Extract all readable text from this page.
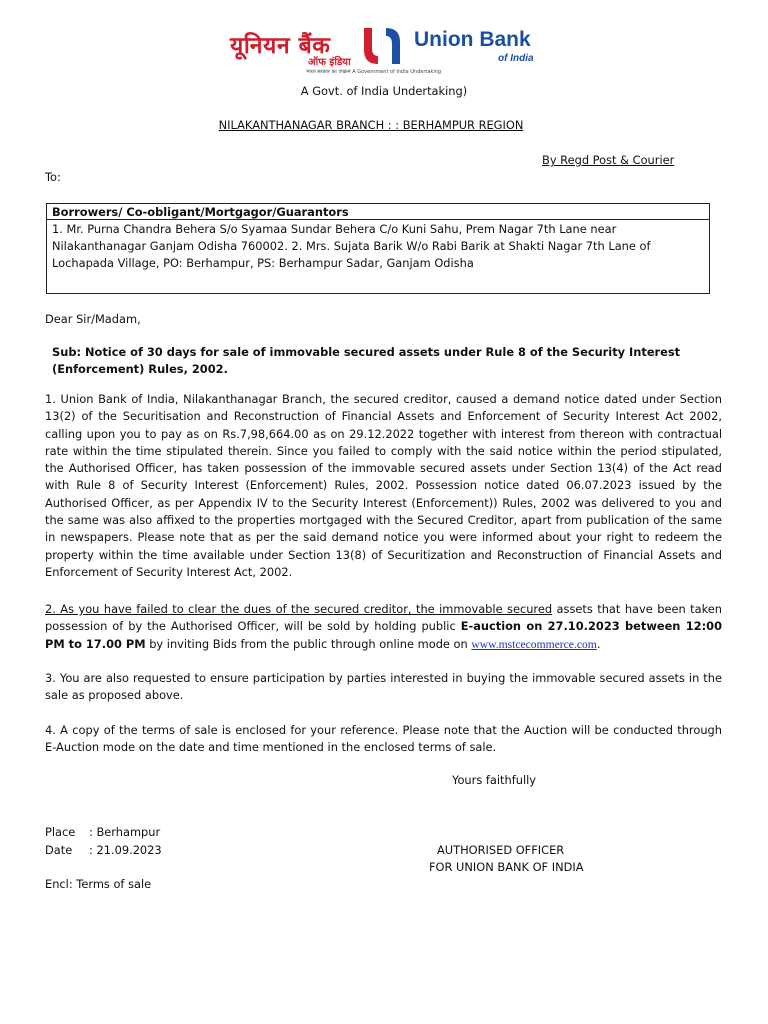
यूनियन बैंक
ऑफ इंडिया
Union Bank
of India
भारत सरकार का उपक्रम A Government of India Undertaking
A Govt. of India Undertaking)
NILAKANTHANAGAR BRANCH : : BERHAMPUR REGION
By Regd Post & Courier
To:
Borrowers/ Co-obligant/Mortgagor/Guarantors
1. Mr. Purna Chandra Behera S/o Syamaa Sundar Behera C/o Kuni Sahu, Prem Nagar 7th Lane near Nilakanthanagar Ganjam Odisha 760002. 2. Mrs. Sujata Barik W/o Rabi Barik at Shakti Nagar 7th Lane of Lochapada Village, PO: Berhampur, PS: Berhampur Sadar, Ganjam Odisha
Dear Sir/Madam,
Sub: Notice of 30 days for sale of immovable secured assets under Rule 8 of the Security Interest (Enforcement) Rules, 2002.
1. Union Bank of India, Nilakanthanagar Branch, the secured creditor, caused a demand notice dated under Section 13(2) of the Securitisation and Reconstruction of Financial Assets and Enforcement of Security Interest Act 2002, calling upon you to pay as on Rs.7,98,664.00 as on 29.12.2022 together with interest from thereon with contractual rate within the time stipulated therein. Since you failed to comply with the said notice within the period stipulated, the Authorised Officer, has taken possession of the immovable secured assets under Section 13(4) of the Act read with Rule 8 of Security Interest (Enforcement) Rules, 2002. Possession notice dated 06.07.2023 issued by the Authorised Officer, as per Appendix IV to the Security Interest (Enforcement)) Rules, 2002 was delivered to you and the same was also affixed to the properties mortgaged with the Secured Creditor, apart from publication of the same in newspapers. Please note that as per the said demand notice you were informed about your right to redeem the property within the time available under Section 13(8) of Securitization and Reconstruction of Financial Assets and Enforcement of Security Interest Act, 2002.
2. As you have failed to clear the dues of the secured creditor, the immovable secured assets that have been taken possession of by the Authorised Officer, will be sold by holding public E-auction on 27.10.2023 between 12:00 PM to 17.00 PM by inviting Bids from the public through online mode on www.mstcecommerce.com.
3. You are also requested to ensure participation by parties interested in buying the immovable secured assets in the sale as proposed above.
4. A copy of the terms of sale is enclosed for your reference. Please note that the Auction will be conducted through E-Auction mode on the date and time mentioned in the enclosed terms of sale.
Yours faithfully
Place : Berhampur
Date : 21.09.2023	AUTHORISED OFFICER
FOR UNION BANK OF INDIA
Encl: Terms of sale
